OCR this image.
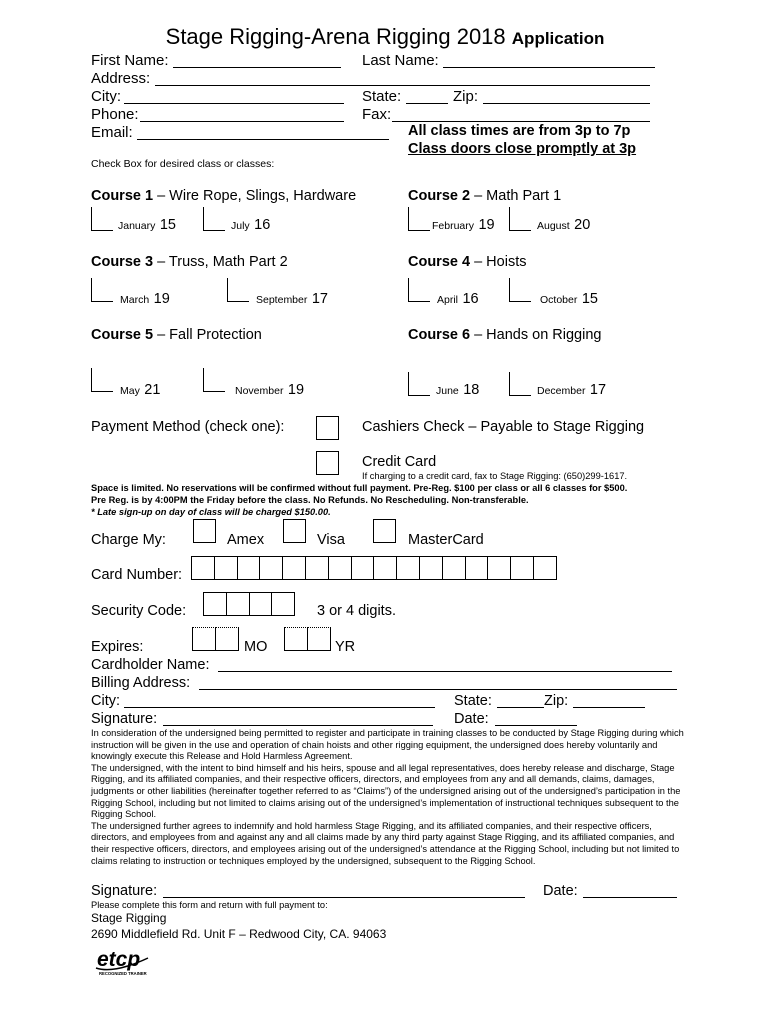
Stage Rigging-Arena Rigging 2018 Application
First Name:	Last Name:
Address:
City:	State:	Zip:
Phone:	Fax:
Email:	All class times are from 3p to 7p
Class doors close promptly at 3p
Check Box for desired class or classes:
Course 1 – Wire Rope, Slings, Hardware
January 15	July 16
Course 2 – Math Part 1
February 19	August 20
Course 3 – Truss, Math Part 2
March 19	September 17
Course 4 – Hoists
April 16	October 15
Course 5 – Fall Protection
May 21	November 19
Course 6 – Hands on Rigging
June 18	December 17
Payment Method (check one):	Cashiers Check – Payable to Stage Rigging
Credit Card
If charging to a credit card, fax to Stage Rigging: (650)299-1617.
Space is limited. No reservations will be confirmed without full payment. Pre-Reg. $100 per class or all 6 classes for $500.
Pre Reg. is by 4:00PM the Friday before the class. No Refunds. No Rescheduling. Non-transferable.
* Late sign-up on day of class will be charged $150.00.
Charge My:	Amex	Visa	MasterCard
Card Number:
Security Code:	3 or 4 digits.
Expires:	MO	YR
Cardholder Name:
Billing Address:
City:	State:	Zip:
Signature:	Date:
In consideration of the undersigned being permitted to register and participate in training classes to be conducted by Stage Rigging during which instruction will be given in the use and operation of chain hoists and other rigging equipment, the undersigned does hereby voluntarily and knowingly execute this Release and Hold Harmless Agreement.
The undersigned, with the intent to bind himself and his heirs, spouse and all legal representatives, does hereby release and discharge, Stage Rigging, and its affiliated companies, and their respective officers, directors, and employees from any and all demands, claims, damages, judgments or other liabilities (hereinafter together referred to as “Claims”) of the undersigned arising out of the undersigned’s participation in the Rigging School, including but not limited to claims arising out of the undersigned’s implementation of instructional techniques subsequent to the Rigging School.
The undersigned further agrees to indemnify and hold harmless Stage Rigging, and its affiliated companies, and their respective officers, directors, and employees from and against any and all claims made by any third party against Stage Rigging, and its affiliated companies, and their respective officers, directors, and employees arising out of the undersigned’s attendance at the Rigging School, including but not limited to claims relating to instruction or techniques employed by the undersigned, subsequent to the Rigging School.
Signature:	Date:
Please complete this form and return with full payment to:
Stage Rigging
2690 Middlefield Rd. Unit F – Redwood City, CA. 94063
etcp
RECOGNIZED TRAINER
